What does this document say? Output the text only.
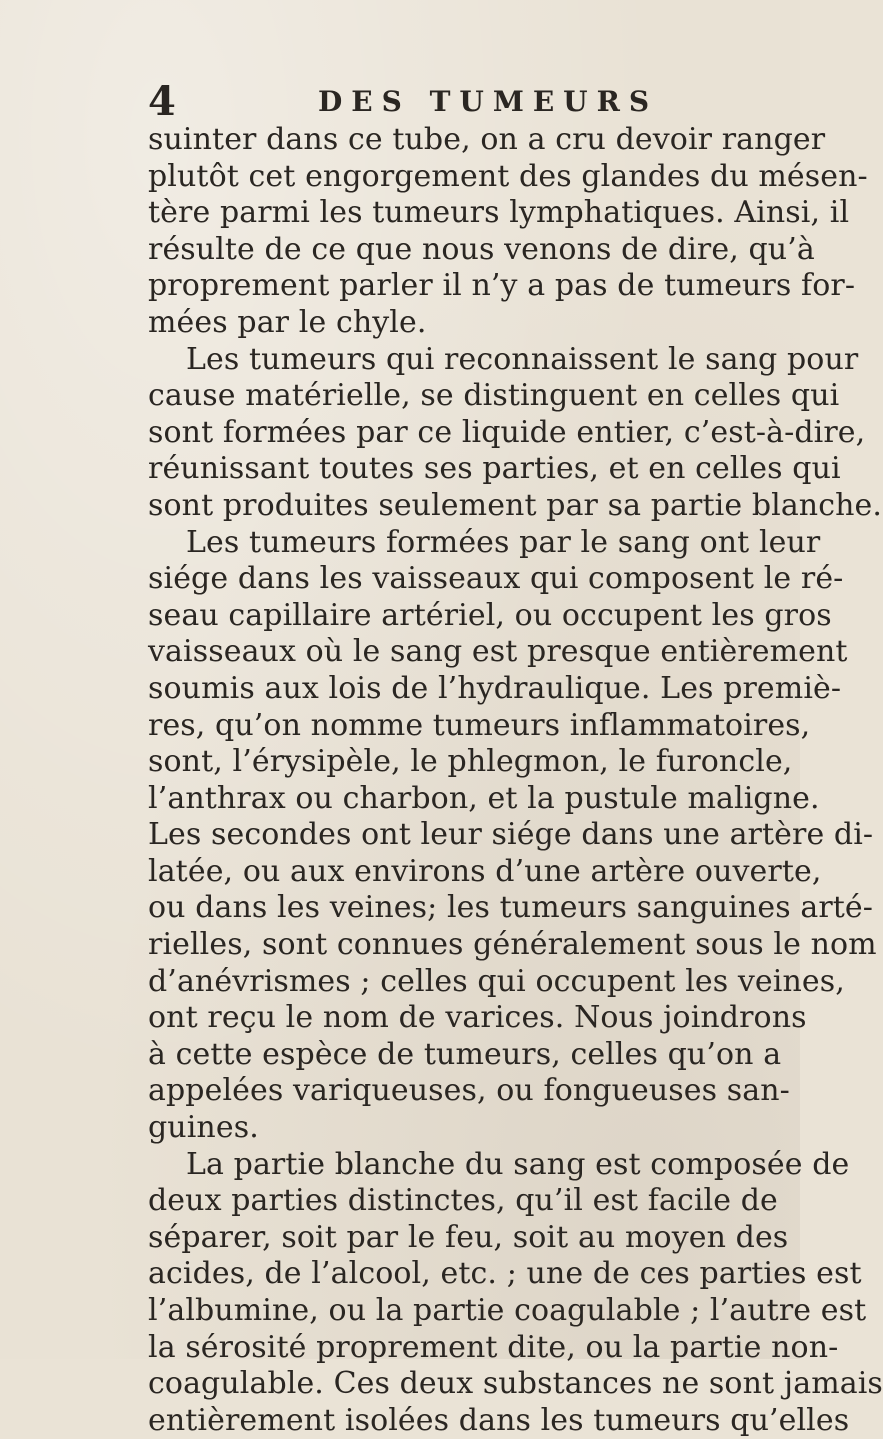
4	DES TUMEURS
suinter dans ce tube, on a cru devoir ranger
plutôt cet engorgement des glandes du mésen-
tère parmi les tumeurs lymphatiques. Ainsi, il
résulte de ce que nous venons de dire, qu’à
proprement parler il n’y a pas de tumeurs for-
mées par le chyle.
Les tumeurs qui reconnaissent le sang pour
cause matérielle, se distinguent en celles qui
sont formées par ce liquide entier, c’est-à-dire,
réunissant toutes ses parties, et en celles qui
sont produites seulement par sa partie blanche.
Les tumeurs formées par le sang ont leur
siége dans les vaisseaux qui composent le ré-
seau capillaire artériel, ou occupent les gros
vaisseaux où le sang est presque entièrement
soumis aux lois de l’hydraulique. Les premiè-
res, qu’on nomme tumeurs inflammatoires,
sont, l’érysipèle, le phlegmon, le furoncle,
l’anthrax ou charbon, et la pustule maligne.
Les secondes ont leur siége dans une artère di-
latée, ou aux environs d’une artère ouverte,
ou dans les veines; les tumeurs sanguines arté-
rielles, sont connues généralement sous le nom
d’anévrismes ; celles qui occupent les veines,
ont reçu le nom de varices. Nous joindrons
à cette espèce de tumeurs, celles qu’on a
appelées variqueuses, ou fongueuses san-
guines.
La partie blanche du sang est composée de
deux parties distinctes, qu’il est facile de
séparer, soit par le feu, soit au moyen des
acides, de l’alcool, etc. ; une de ces parties est
l’albumine, ou la partie coagulable ; l’autre est
la sérosité proprement dite, ou la partie non-
coagulable. Ces deux substances ne sont jamais
entièrement isolées dans les tumeurs qu’elles
